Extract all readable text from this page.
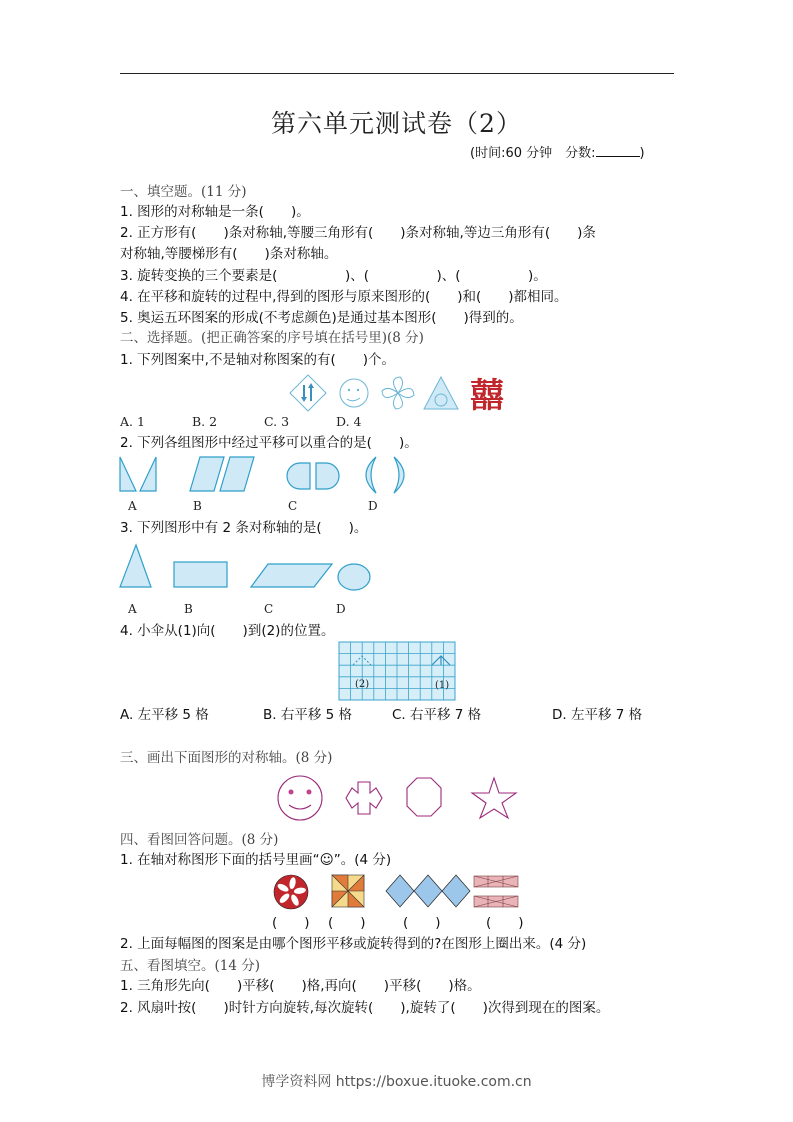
第六单元测试卷（2）
(时间:60 分钟　分数:	)
一、填空题。(11 分)
1. 图形的对称轴是一条(　　)。
2. 正方形有(　　)条对称轴,等腰三角形有(　　)条对称轴,等边三角形有(　　)条
对称轴,等腰梯形有(　　)条对称轴。
3. 旋转变换的三个要素是(　　　　　)、(　　　　　)、(　　　　　)。
4. 在平移和旋转的过程中,得到的图形与原来图形的(　　)和(　　)都相同。
5. 奥运五环图案的形成(不考虑颜色)是通过基本图形(　　)得到的。
二、选择题。(把正确答案的序号填在括号里)(8 分)
1. 下列图案中,不是轴对称图案的有(　　)个。
囍
A. 1	B. 2	C. 3	D. 4
2. 下列各组图形中经过平移可以重合的是(　　)。
A	B	C	D
3. 下列图形中有 2 条对称轴的是(　　)。
A	B	C	D
4. 小伞从(1)向(　　)到(2)的位置。
(2)	(1)
A. 左平移 5 格	B. 右平移 5 格	C. 右平移 7 格	D. 左平移 7 格
三、画出下面图形的对称轴。(8 分)
四、看图回答问题。(8 分)
1. 在轴对称图形下面的括号里画“☺”。(4 分)
(　　) (　　)	(　　)	(　　)
2. 上面每幅图的图案是由哪个图形平移或旋转得到的?在图形上圈出来。(4 分)
五、看图填空。(14 分)
1. 三角形先向(　　)平移(　　)格,再向(　　)平移(　　)格。
2. 风扇叶按(　　)时针方向旋转,每次旋转(　　),旋转了(　　)次得到现在的图案。
博学资料网 https://boxue.ituoke.com.cn
